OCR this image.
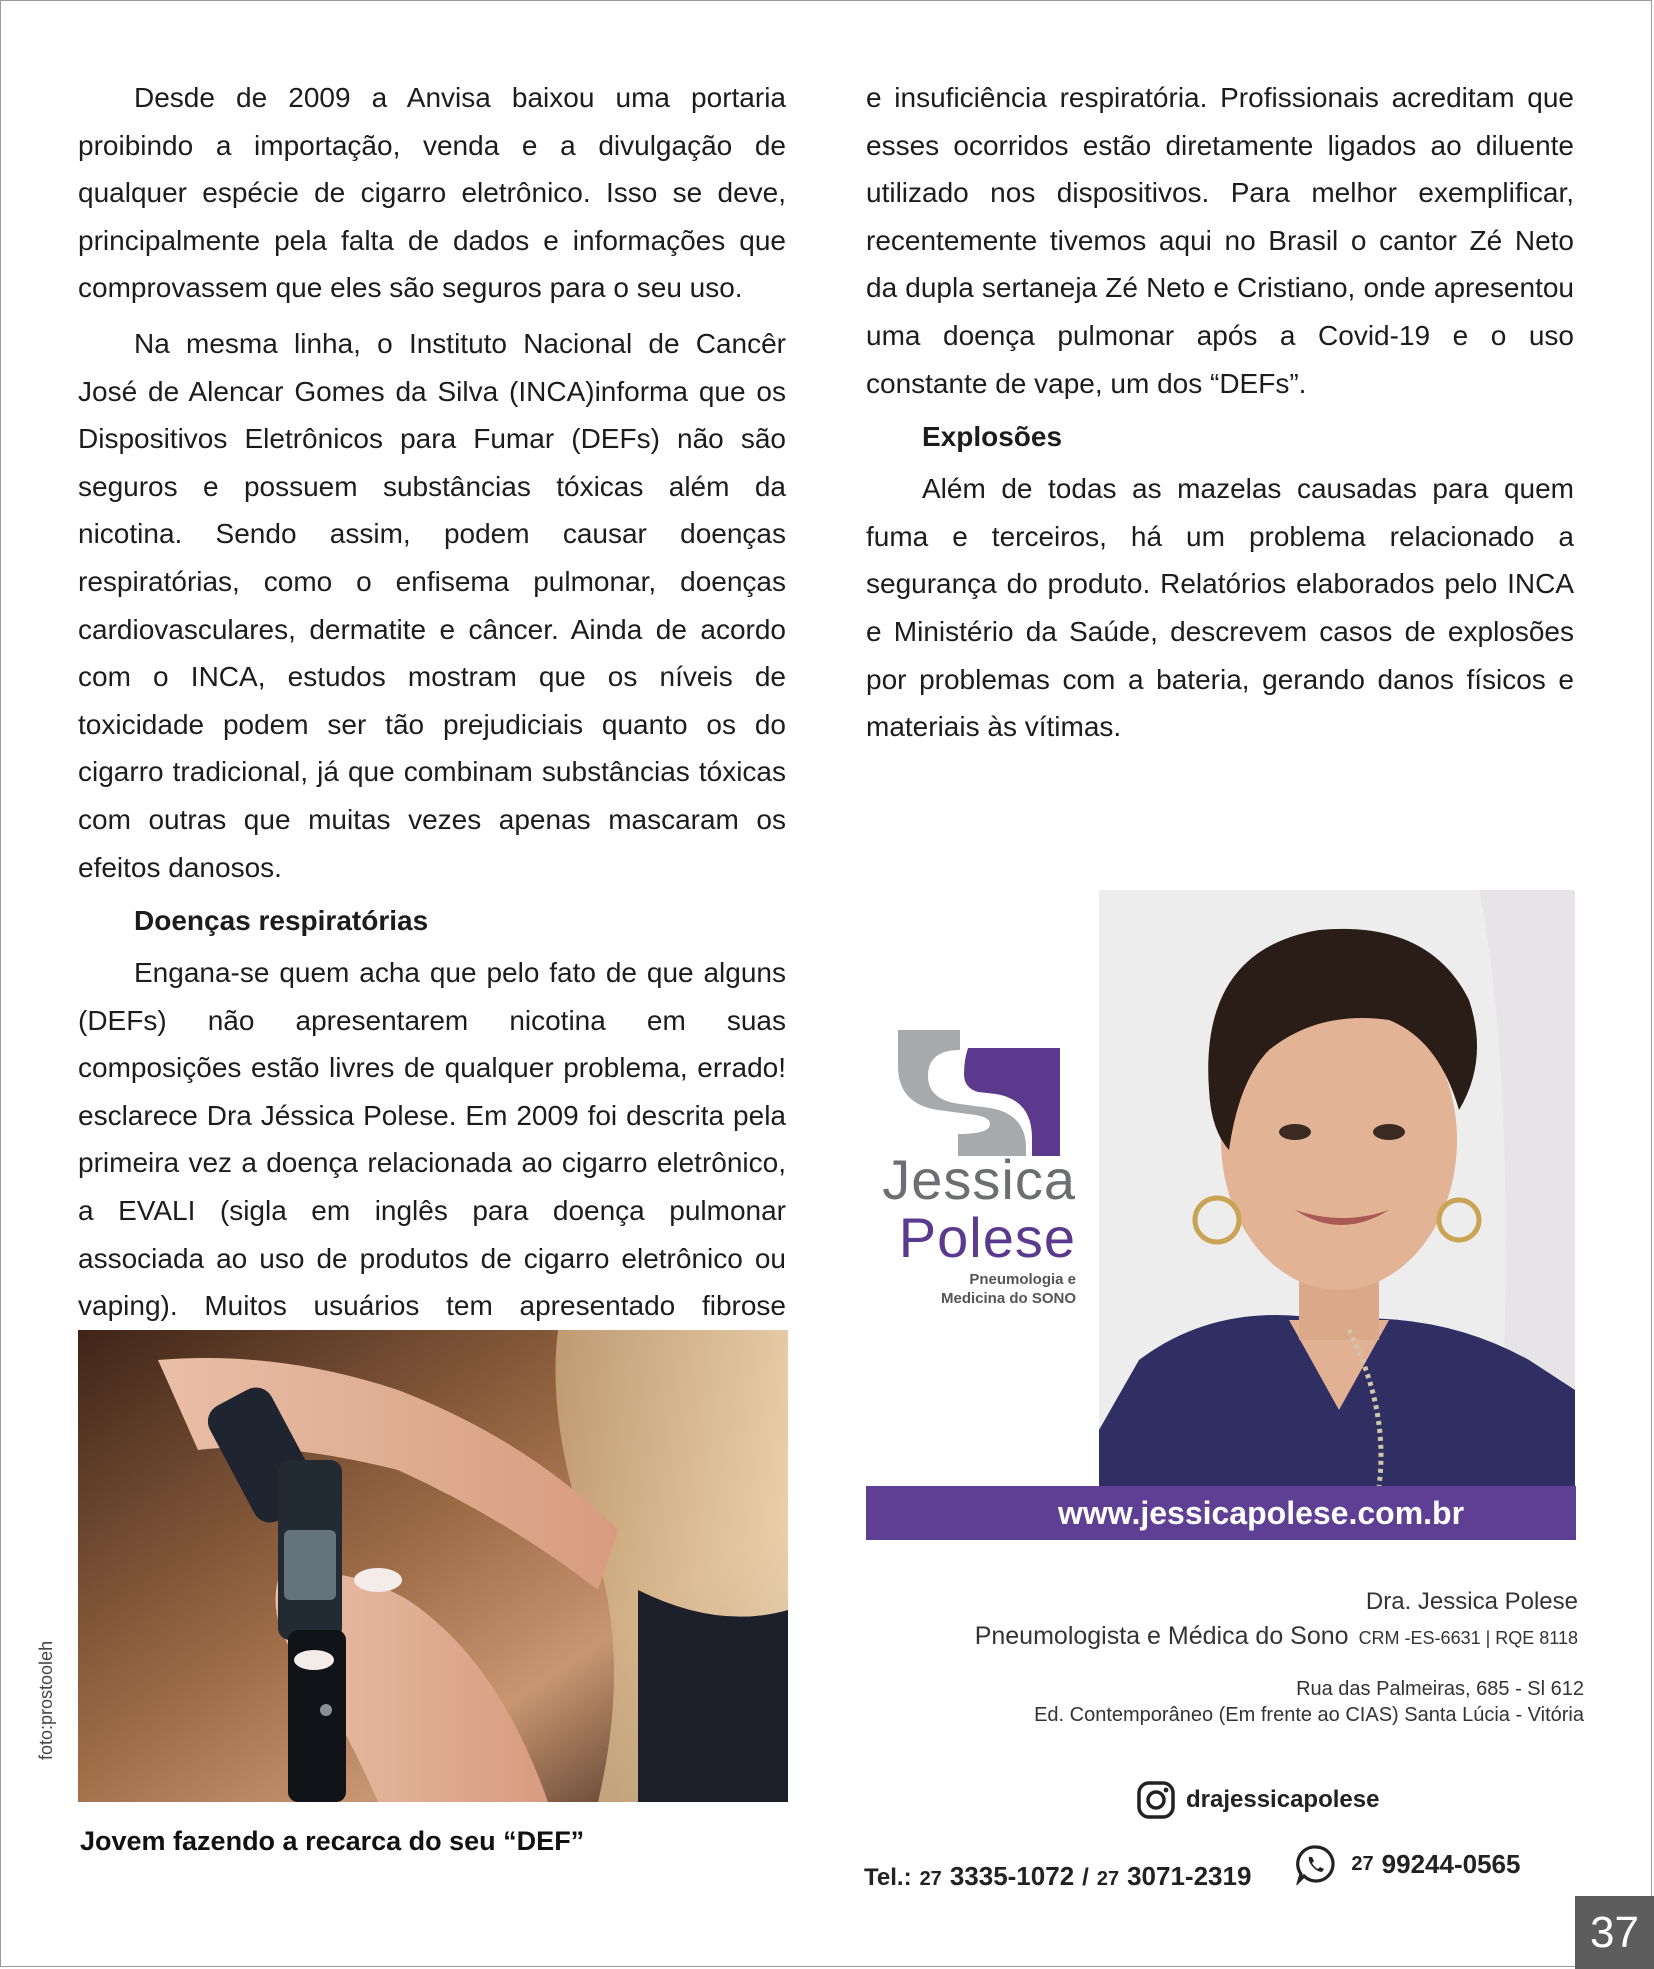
Desde de 2009 a Anvisa baixou uma portaria proibindo a importação, venda e a divulgação de qualquer espécie de cigarro eletrônico. Isso se deve, principalmente pela falta de dados e informações que comprovassem que eles são seguros para o seu uso.

Na mesma linha, o Instituto Nacional de Cancêr José de Alencar Gomes da Silva (INCA)informa que os Dispositivos Eletrônicos para Fumar (DEFs) não são seguros e possuem substâncias tóxicas além da nicotina. Sendo assim, podem causar doenças respiratórias, como o enfisema pulmonar, doenças cardiovasculares, dermatite e câncer. Ainda de acordo com o INCA, estudos mostram que os níveis de toxicidade podem ser tão prejudiciais quanto os do cigarro tradicional, já que combinam substâncias tóxicas com outras que muitas vezes apenas mascaram os efeitos danosos.

Doenças respiratórias

Engana-se quem acha que pelo fato de que alguns (DEFs) não apresentarem nicotina em suas composições estão livres de qualquer problema, errado! esclarece Dra Jéssica Polese. Em 2009 foi descrita pela primeira vez a doença relacionada ao cigarro eletrônico, a EVALI (sigla em inglês para doença pulmonar associada ao uso de produtos de cigarro eletrônico ou vaping). Muitos usuários tem apresentado fibrose

e insuficiência respiratória. Profissionais acreditam que esses ocorridos estão diretamente ligados ao diluente utilizado nos dispositivos. Para melhor exemplificar, recentemente tivemos aqui no Brasil o cantor Zé Neto da dupla sertaneja Zé Neto e Cristiano, onde apresentou uma doença pulmonar após a Covid-19 e o uso constante de vape, um dos “DEFs”.

Explosões

Além de todas as mazelas causadas para quem fuma e terceiros, há um problema relacionado a segurança do produto. Relatórios elaborados pelo INCA e Ministério da Saúde, descrevem casos de explosões por problemas com a bateria, gerando danos físicos e materiais às vítimas.

foto:prostooleh
Jovem fazendo a recarca do seu “DEF”
Jessica
Polese
Pneumologia e
Medicina do SONO
www.jessicapolese.com.br
Dra. Jessica Polese
Pneumologista e Médica do Sono CRM -ES-6631 | RQE 8118
Rua das Palmeiras, 685 - Sl 612
Ed. Contemporâneo (Em frente ao CIAS) Santa Lúcia - Vitória
drajessicapolese
Tel.: 27 3335-1072 / 27 3071-2319	27 99244-0565
37
